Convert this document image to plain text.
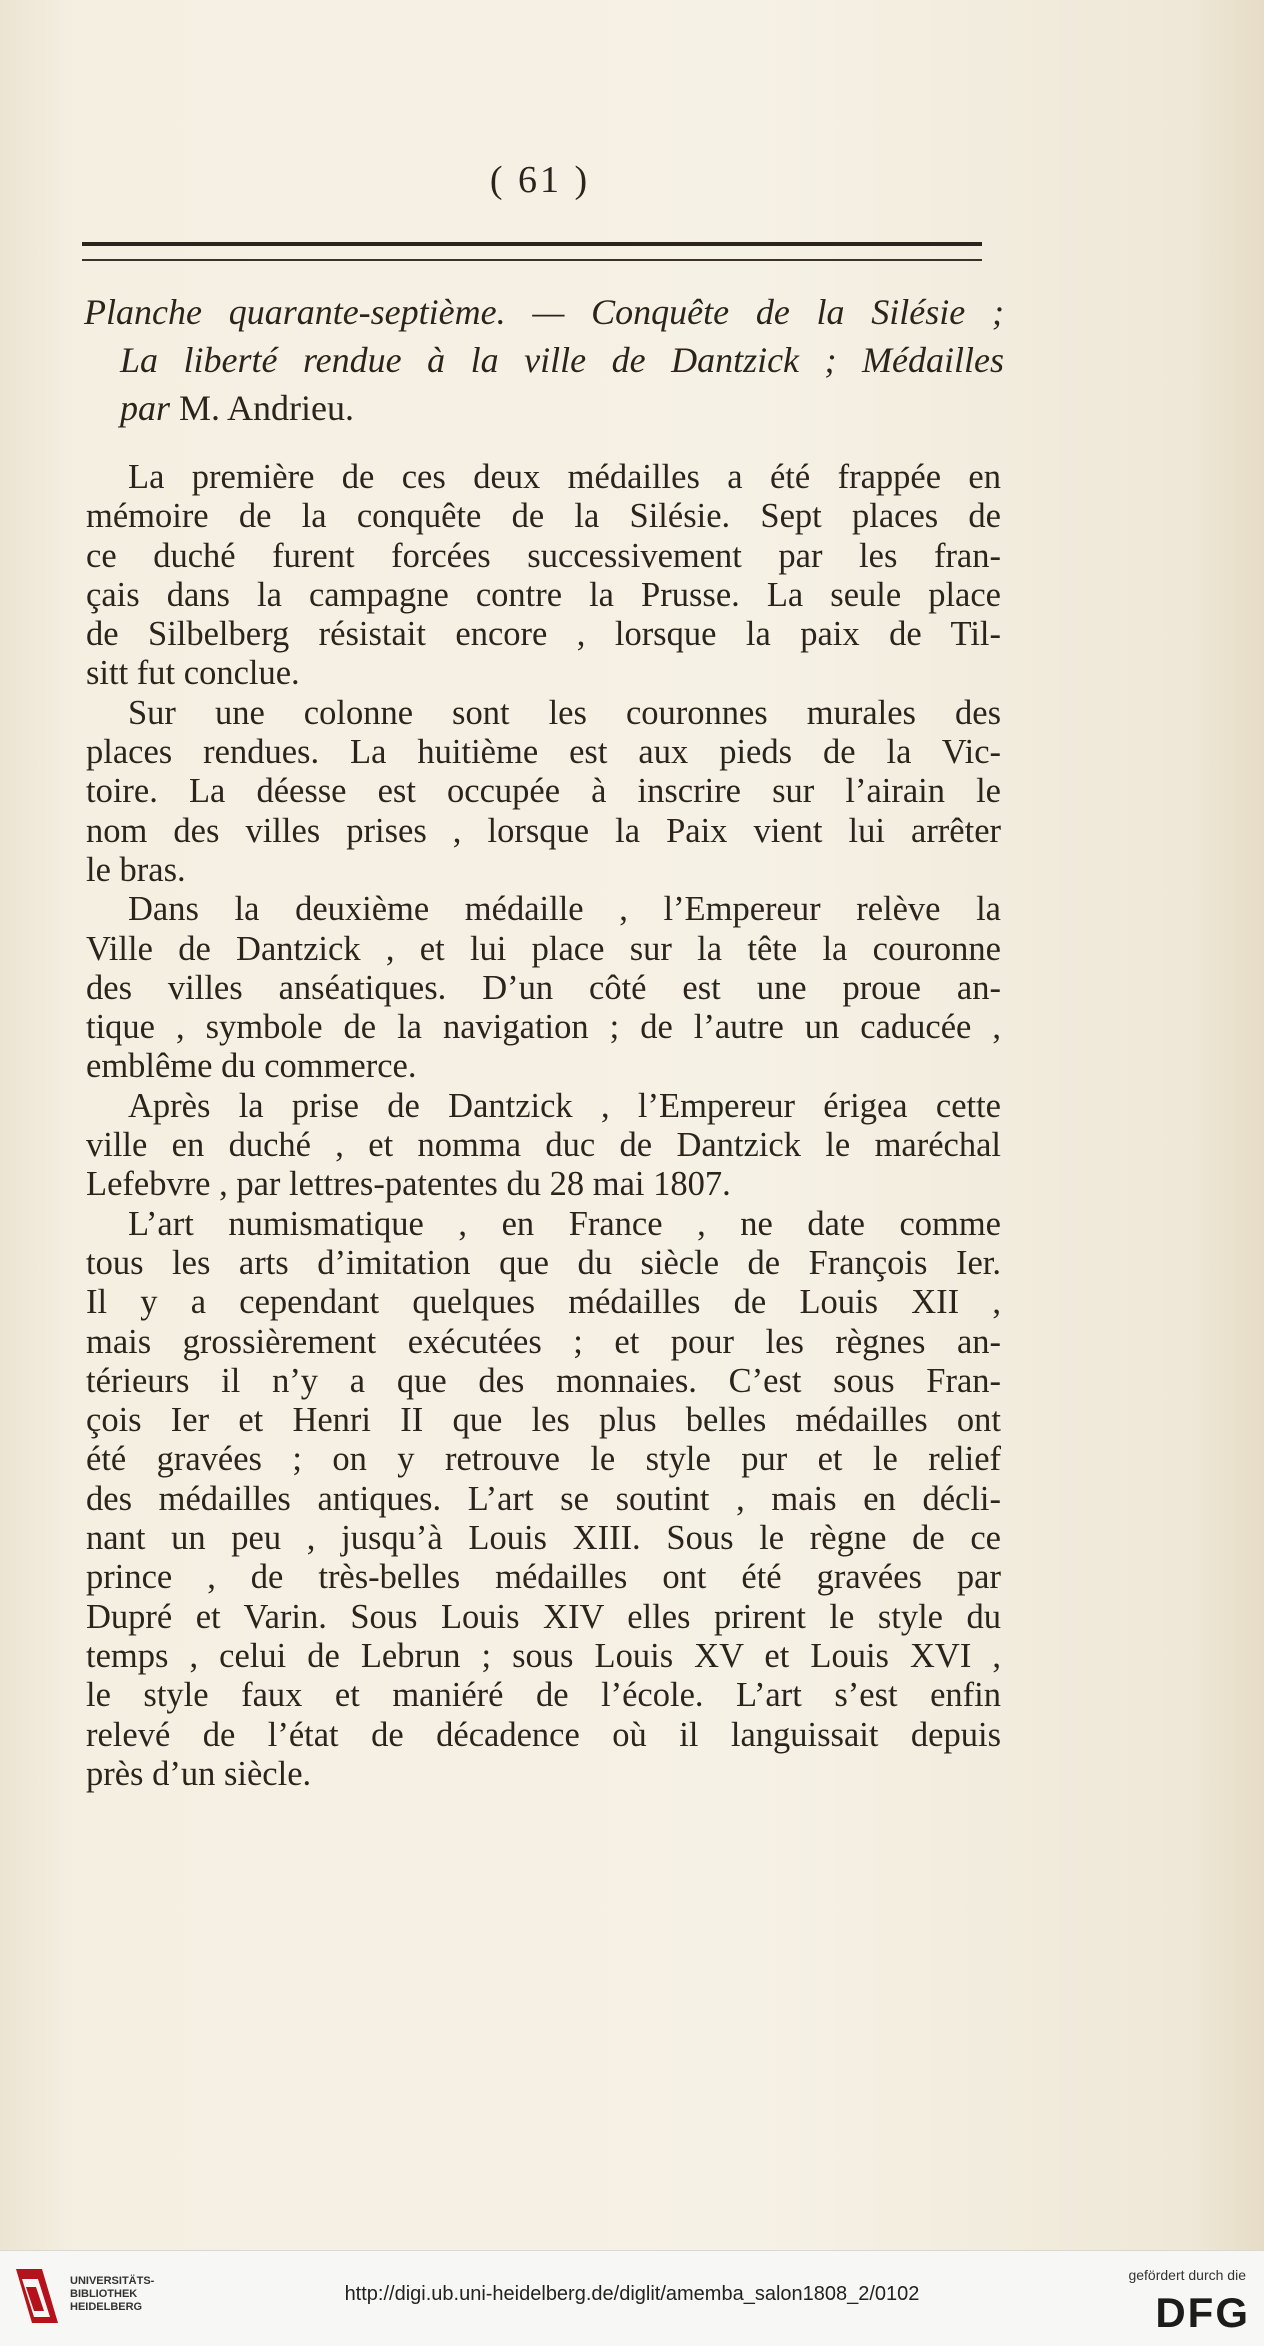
( 61 )
Planche quarante-septième. — Conquête de la Silésie ;
La liberté rendue à la ville de Dantzick ; Médailles
par M. Andrieu.
La première de ces deux médailles a été frappée en
mémoire de la conquête de la Silésie. Sept places de
ce duché furent forcées successivement par les fran-
çais dans la campagne contre la Prusse. La seule place
de Silbelberg résistait encore , lorsque la paix de Til-
sitt fut conclue.
Sur une colonne sont les couronnes murales des
places rendues. La huitième est aux pieds de la Vic-
toire. La déesse est occupée à inscrire sur l’airain le
nom des villes prises , lorsque la Paix vient lui arrêter
le bras.
Dans la deuxième médaille , l’Empereur relève la
Ville de Dantzick , et lui place sur la tête la couronne
des villes anséatiques. D’un côté est une proue an-
tique , symbole de la navigation ; de l’autre un caducée ,
emblême du commerce.
Après la prise de Dantzick , l’Empereur érigea cette
ville en duché , et nomma duc de Dantzick le maréchal
Lefebvre , par lettres-patentes du 28 mai 1807.
L’art numismatique , en France , ne date comme
tous les arts d’imitation que du siècle de François Ier.
Il y a cependant quelques médailles de Louis XII ,
mais grossièrement exécutées ; et pour les règnes an-
térieurs il n’y a que des monnaies. C’est sous Fran-
çois Ier et Henri II que les plus belles médailles ont
été gravées ; on y retrouve le style pur et le relief
des médailles antiques. L’art se soutint , mais en décli-
nant un peu , jusqu’à Louis XIII. Sous le règne de ce
prince , de très-belles médailles ont été gravées par
Dupré et Varin. Sous Louis XIV elles prirent le style du
temps , celui de Lebrun ; sous Louis XV et Louis XVI ,
le style faux et maniéré de l’école. L’art s’est enfin
relevé de l’état de décadence où il languissait depuis
près d’un siècle.
UNIVERSITÄTS-
BIBLIOTHEK
HEIDELBERG
http://digi.ub.uni-heidelberg.de/diglit/amemba_salon1808_2/0102
gefördert durch die
DFG
